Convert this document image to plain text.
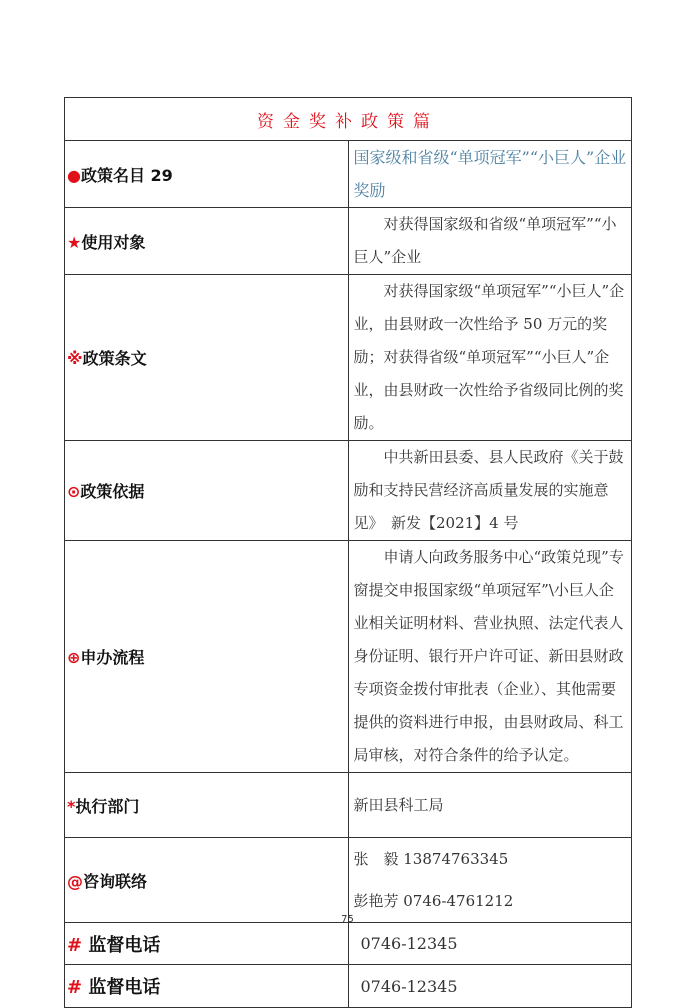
资金奖补政策篇	
●政策名目 29	国家级和省级“单项冠军”“小巨人”企业奖励
★使用对象	对获得国家级和省级“单项冠军”“小巨人”企业
※政策条文	对获得国家级“单项冠军”“小巨人”企业，由县财政一次性给予 50 万元的奖励；对获得省级“单项冠军”“小巨人”企业，由县财政一次性给予省级同比例的奖励。
⊙政策依据	中共新田县委、县人民政府《关于鼓励和支持民营经济高质量发展的实施意见》　新发【2021】4 号
⊕申办流程	申请人向政务服务中心“政策兑现”专窗提交申报国家级“单项冠军”\小巨人企业相关证明材料、营业执照、法定代表人身份证明、银行开户许可证、新田县财政专项资金拨付审批表（企业）、其他需要提供的资料进行申报，由县财政局、科工局审核，对符合条件的给予认定。
*执行部门	新田县科工局
@咨询联络	张　毅 13874763345
彭艳芳 0746-4761212

# 监督电话	0746-12345
# 监督电话	0746-12345
75
